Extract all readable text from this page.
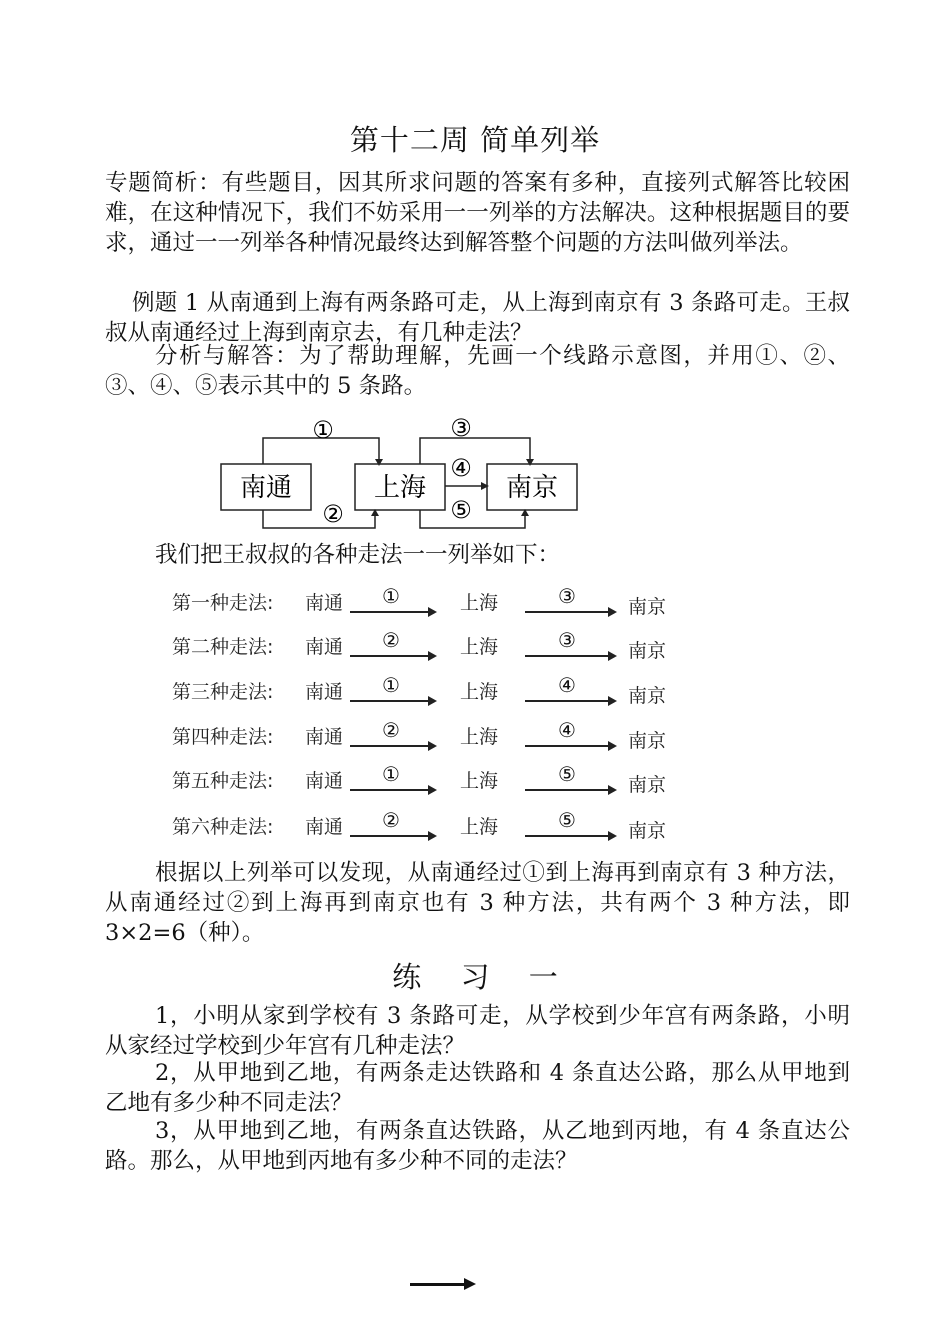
第十二周 简单列举
专题简析：有些题目，因其所求问题的答案有多种，直接列式解答比较困难，在这种情况下，我们不妨采用一一列举的方法解决。这种根据题目的要求，通过一一列举各种情况最终达到解答整个问题的方法叫做列举法。
例题 1 从南通到上海有两条路可走，从上海到南京有 3 条路可走。王叔叔从南通经过上海到南京去，有几种走法？
分析与解答：为了帮助理解，先画一个线路示意图，并用①、②、③、④、⑤表示其中的 5 条路。
南通	上海	南京
①
②
③
④
⑤
我们把王叔叔的各种走法一一列举如下：
第一种走法: 南通 ①	上海	③	南京
第二种走法: 南通 ②	上海	③	南京
第三种走法: 南通 ①	上海	④	南京
第四种走法: 南通 ②	上海	④	南京
第五种走法: 南通 ①	上海	⑤	南京
第六种走法: 南通 ②	上海	⑤	南京
根据以上列举可以发现，从南通经过①到上海再到南京有 3 种方法，从南通经过②到上海再到南京也有 3 种方法，共有两个 3 种方法，即 3×2=6（种）。
练 习 一
1，小明从家到学校有 3 条路可走，从学校到少年宫有两条路，小明从家经过学校到少年宫有几种走法？
2，从甲地到乙地，有两条走达铁路和 4 条直达公路，那么从甲地到乙地有多少种不同走法？
3，从甲地到乙地，有两条直达铁路，从乙地到丙地，有 4 条直达公路。那么，从甲地到丙地有多少种不同的走法？
